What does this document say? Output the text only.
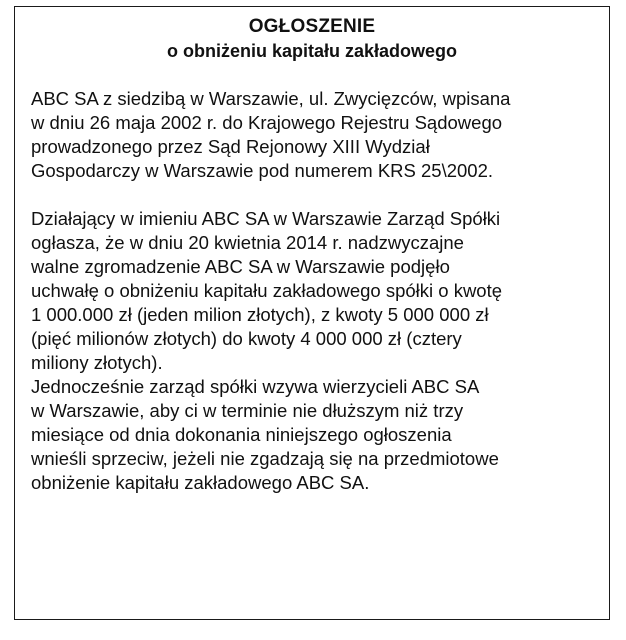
OGŁOSZENIE
o obniżeniu kapitału zakładowego

ABC SA z siedzibą w Warszawie, ul. Zwycięzców, wpisana
w dniu 26 maja 2002 r. do Krajowego Rejestru Sądowego
prowadzonego przez Sąd Rejonowy XIII Wydział
Gospodarczy w Warszawie pod numerem KRS 25\2002.

Działający w imieniu ABC SA w Warszawie Zarząd Spółki
ogłasza, że w dniu 20 kwietnia 2014 r. nadzwyczajne
walne zgromadzenie ABC SA w Warszawie podjęło
uchwałę o obniżeniu kapitału zakładowego spółki o kwotę
1 000.000 zł (jeden milion złotych), z kwoty 5 000 000 zł
(pięć milionów złotych) do kwoty 4 000 000 zł (cztery
miliony złotych).

Jednocześnie zarząd spółki wzywa wierzycieli ABC SA
w Warszawie, aby ci w terminie nie dłuższym niż trzy
miesiące od dnia dokonania niniejszego ogłoszenia
wnieśli sprzeciw, jeżeli nie zgadzają się na przedmiotowe
obniżenie kapitału zakładowego ABC SA.
